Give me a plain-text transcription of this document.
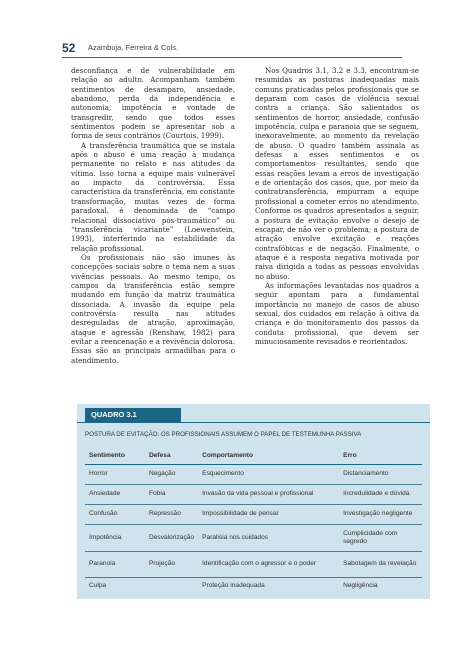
52 Azambuja, Ferreira & Cols.

desconfiança e de vulnerabilidade em relação ao adulto. Acompanham também sentimentos de desamparo, ansiedade, abandono, perda da independência e autonomia, impotência e vontade de transgredir, sendo que todos esses sentimentos podem se apresentar sob a forma de seus contrários (Courtois, 1999).

A transferência traumática que se instala após o abuso é uma reação à mudança permanente no relato e nas atitudes da vítima. Isso torna a equipe mais vulnerável ao impacto da controvérsia. Essa característica da transferência, em constante transformação, muitas vezes de forma paradoxal, é denominada de “campo relacional dissociativo pós-traumático” ou “transferência vicariante” (Loewenstein, 1993), interferindo na estabilidade da relação profissional.

Os profissionais não são imunes às concepções sociais sobre o tema nem a suas vivências pessoais. Ao mesmo tempo, os campos da transferência estão sempre mudando em função da matriz traumática dissociada. A invasão da equipe pela controvérsia resulta nas atitudes desreguladas de atração, aproximação, ataque e agressão (Renshaw, 1982) para evitar a reencenação e a revivência dolorosa. Essas são as principais armadilhas para o atendimento.

Nos Quadros 3.1, 3.2 e 3.3, encontram-se resumidas as posturas inadequadas mais comuns praticadas pelos profissionais que se deparam com casos de violência sexual contra a criança. São salientados os sentimentos de horror, ansiedade, confusão impotência, culpa e paranoia que se seguem, inexoravelmente, ao momento da revelação de abuso. O quadro também assinala as defesas a esses sentimentos e os comportamentos resultantes, sendo que essas reações levam a erros de investigação e de orientação dos casos, que, por meio da contratransferência, empurram a equipe profissional a cometer erros no atendimento. Conforme os quadros apresentados a seguir, a postura de evitação envolve o desejo de escapar, de não ver o problema; a postura de atração envolve excitação e reações contrafóbicas e de negação. Finalmente, o ataque é a resposta negativa motivada por raiva dirigida a todas as pessoas envolvidas no abuso.

As informações levantadas nos quadros a seguir apontam para a fundamental importância no manejo de casos de abuso sexual, dos cuidados em relação à oitiva da criança e do monitoramento dos passos da conduta profissional, que devem ser minuciosamente revisados e reorientados.

QUADRO 3.1
POSTURA DE EVITAÇÃO: OS PROFISSIONAIS ASSUMEM O PAPEL DE TESTEMUNHA PASSIVA
Sentimento	Defesa	Comportamento	Erro
Horror	Negação	Esquecimento	Distanciamento
Ansiedade	Fobia	Invasão da vida pessoal e profissional	Incredulidade e dúvida
Confusão	Repressão	Impossibilidade de pensar	Investigação negligente
Impotência	Desvalorização	Paralisia nos cuidados	Cumplicidade com segredo
Paranoia	Projeção	Identificação com o agressor e o poder	Sabotagem da revelação
Culpa		Proteção inadequada	Negligência
